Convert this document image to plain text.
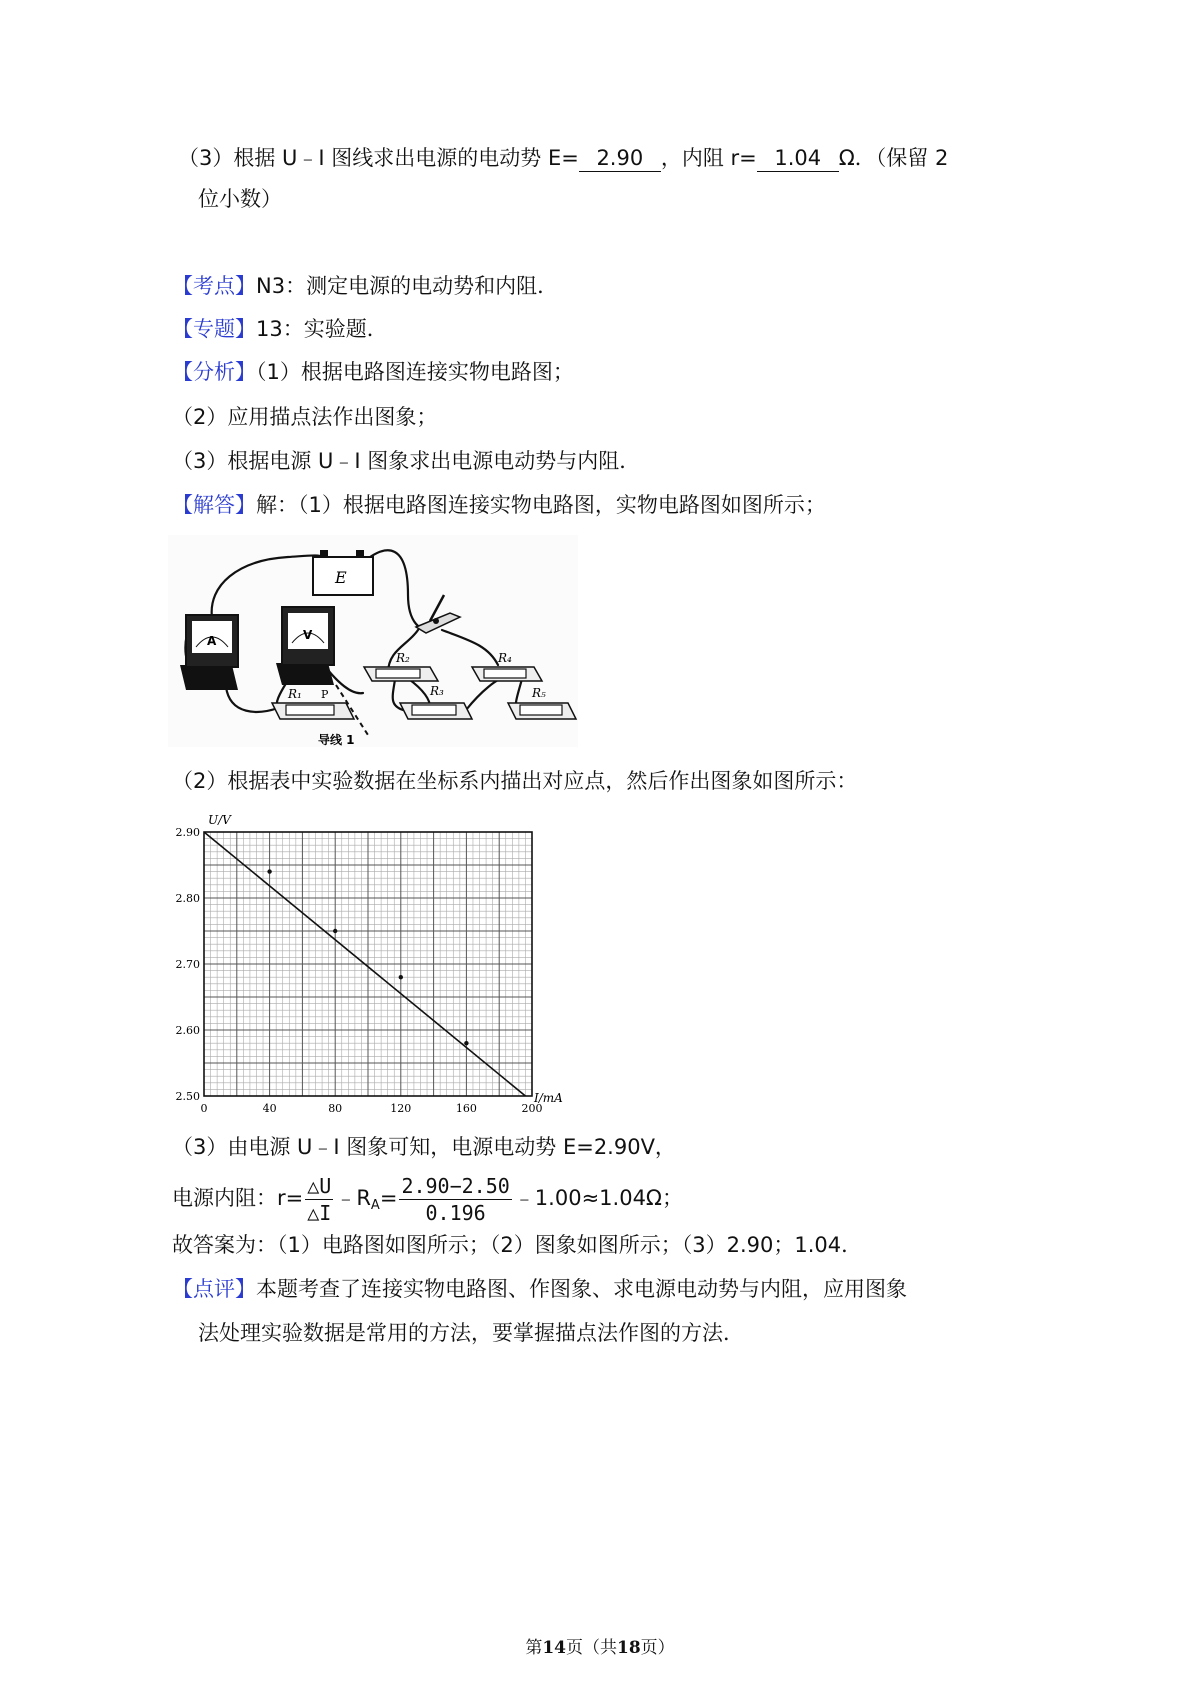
（3）根据 U﹣I 图线求出电源的电动势 E= 2.90 ，内阻 r= 1.04 Ω．（保留 2
位小数）
【考点】N3：测定电源的电动势和内阻．
【专题】13：实验题．
【分析】（1）根据电路图连接实物电路图；
（2）应用描点法作出图象；
（3）根据电源 U﹣I 图象求出电源电动势与内阻．
【解答】解：（1）根据电路图连接实物电路图，实物电路图如图所示；
E
A	V
R₁ P
R₂
R₃
R₄
R₅
导线 1
（2）根据表中实验数据在坐标系内描出对应点，然后作出图象如图所示：
2.50
2.60
2.70
2.80
2.90
0	40	80	120	160	200
U/V
I/mA
（3）由电源 U﹣I 图象可知，电源电动势 E=2.90V，
电源内阻：$r= \frac{\triangle U}{\triangle I}$ $﹣R_A= \frac{2.90-2.50}{0.196}$ ﹣1.00≈1.04Ω；
故答案为：（1）电路图如图所示；（2）图象如图所示；（3）2.90；1.04．
【点评】本题考查了连接实物电路图、作图象、求电源电动势与内阻，应用图象
法处理实验数据是常用的方法，要掌握描点法作图的方法．
第14页（共18页）
